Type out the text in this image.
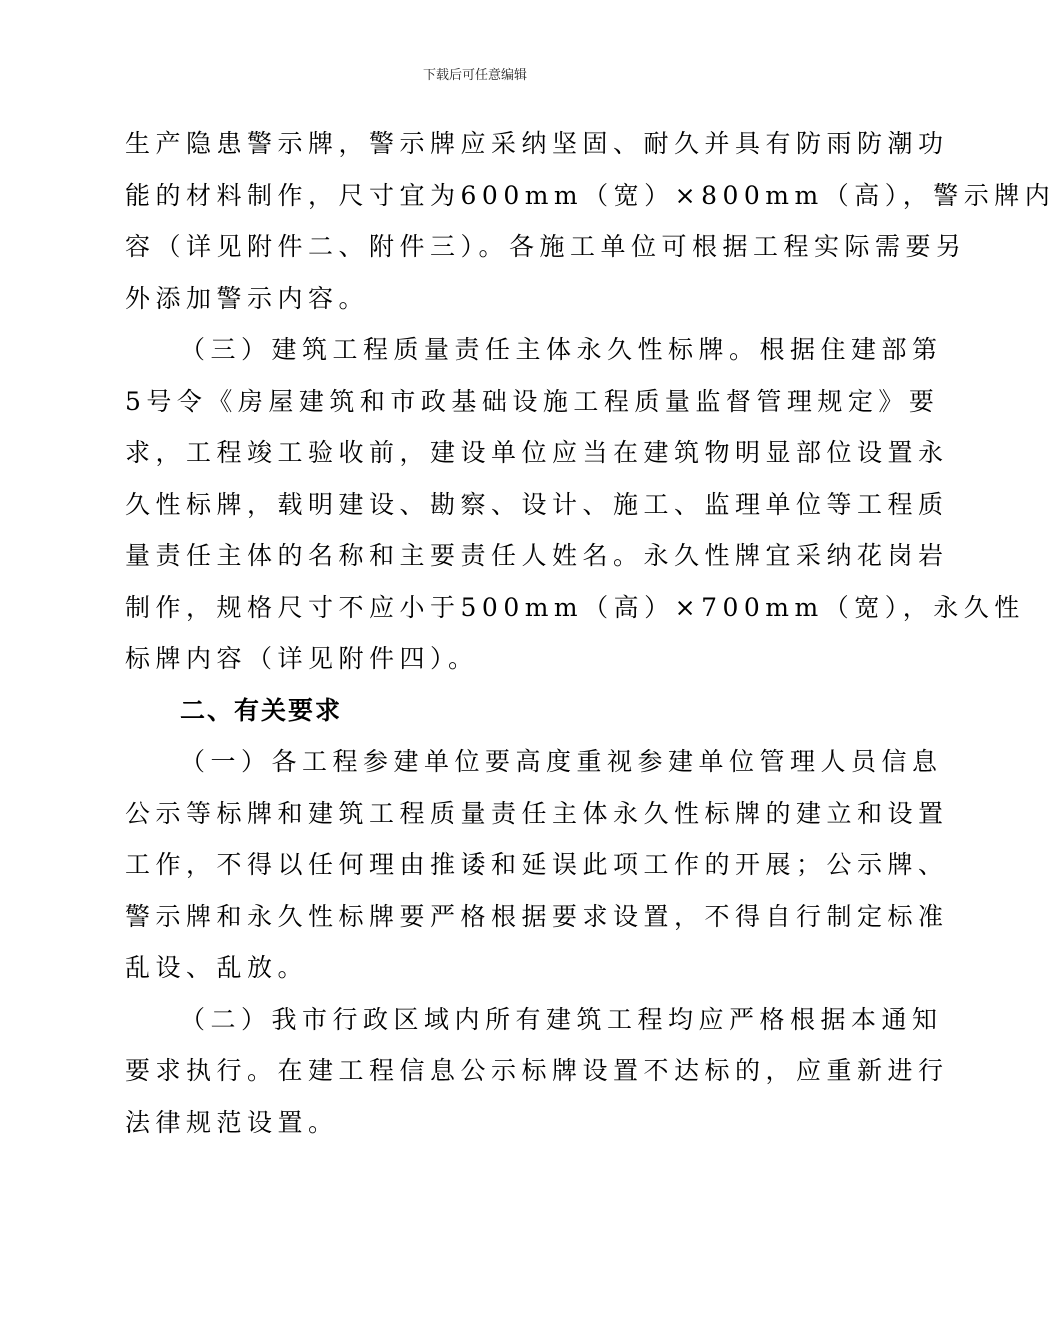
下载后可任意编辑
生产隐患警示牌，警示牌应采纳坚固、耐久并具有防雨防潮功
能的材料制作，尺寸宜为600mm（宽）×800mm（高），警示牌内
容（详见附件二、附件三）。各施工单位可根据工程实际需要另
外添加警示内容。
（三）建筑工程质量责任主体永久性标牌。根据住建部第
5号令《房屋建筑和市政基础设施工程质量监督管理规定》要
求，工程竣工验收前，建设单位应当在建筑物明显部位设置永
久性标牌，载明建设、勘察、设计、施工、监理单位等工程质
量责任主体的名称和主要责任人姓名。永久性牌宜采纳花岗岩
制作，规格尺寸不应小于500mm（高）×700mm（宽），永久性
标牌内容（详见附件四）。
二、有关要求
（一）各工程参建单位要高度重视参建单位管理人员信息
公示等标牌和建筑工程质量责任主体永久性标牌的建立和设置
工作，不得以任何理由推诿和延误此项工作的开展；公示牌、
警示牌和永久性标牌要严格根据要求设置，不得自行制定标准
乱设、乱放。
（二）我市行政区域内所有建筑工程均应严格根据本通知
要求执行。在建工程信息公示标牌设置不达标的，应重新进行
法律规范设置。
